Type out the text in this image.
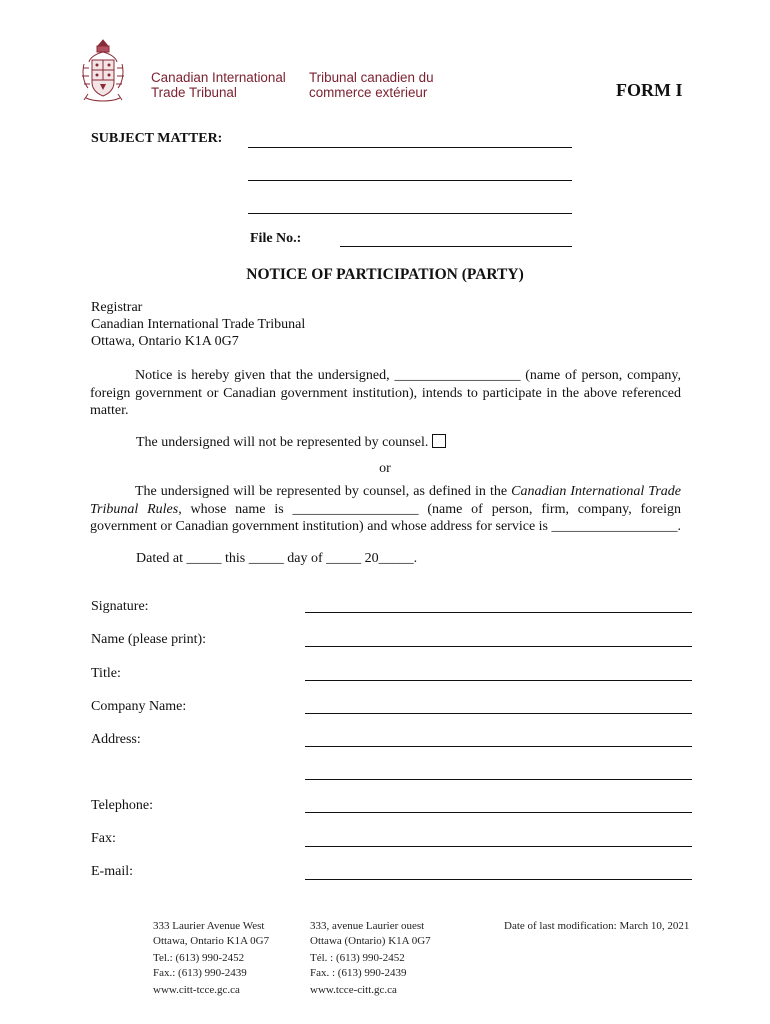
Canadian International
Trade Tribunal
Tribunal canadien du
commerce extérieur	FORM I
SUBJECT MATTER:
File No.:
NOTICE OF PARTICIPATION (PARTY)
Registrar
Canadian International Trade Tribunal
Ottawa, Ontario K1A 0G7
Notice is hereby given that the undersigned, __________________ (name of person, company, foreign government or Canadian government institution), intends to participate in the above referenced matter.
The undersigned will not be represented by counsel.
or
The undersigned will be represented by counsel, as defined in the Canadian International Trade Tribunal Rules, whose name is __________________ (name of person, firm, company, foreign government or Canadian government institution) and whose address for service is __________________.
Dated at _____ this _____ day of _____ 20_____.
Signature:
Name (please print):
Title:
Company Name:
Address:
Telephone:
Fax:
E-mail:
333 Laurier Avenue West
Ottawa, Ontario K1A 0G7
Tel.: (613) 990-2452
Fax.: (613) 990-2439
www.citt-tcce.gc.ca
333, avenue Laurier ouest
Ottawa (Ontario) K1A 0G7
Tél. : (613) 990-2452
Fax. : (613) 990-2439
www.tcce-citt.gc.ca
Date of last modification: March 10, 2021
